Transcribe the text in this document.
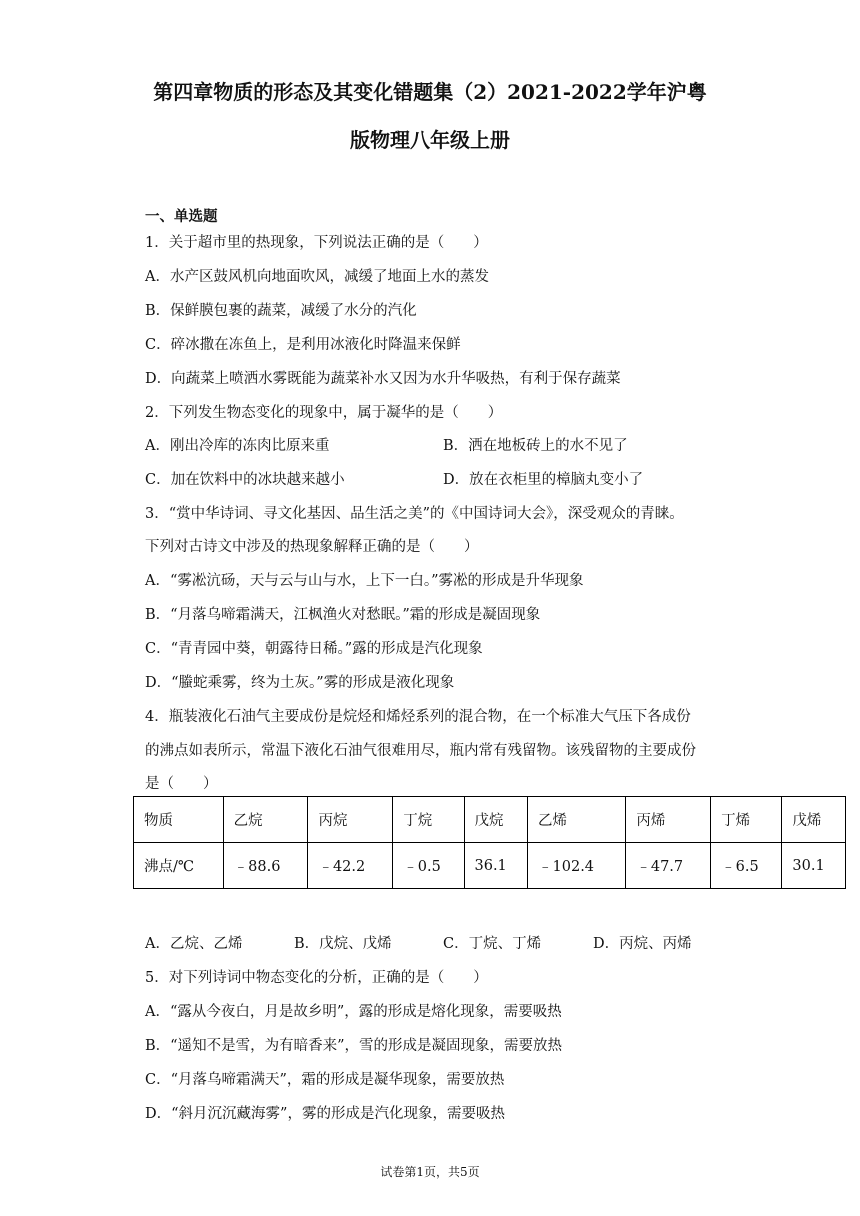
第四章物质的形态及其变化错题集（2）2021-2022学年沪粤
版物理八年级上册
一、单选题
1．关于超市里的热现象，下列说法正确的是（　　）
A．水产区鼓风机向地面吹风，减缓了地面上水的蒸发
B．保鲜膜包裹的蔬菜，减缓了水分的汽化
C．碎冰撒在冻鱼上，是利用冰液化时降温来保鲜
D．向蔬菜上喷洒水雾既能为蔬菜补水又因为水升华吸热，有利于保存蔬菜
2．下列发生物态变化的现象中，属于凝华的是（　　）
A．刚出冷库的冻肉比原来重	B．洒在地板砖上的水不见了
C．加在饮料中的冰块越来越小	D．放在衣柜里的樟脑丸变小了
3．“赏中华诗词、寻文化基因、品生活之美”的《中国诗词大会》，深受观众的青睐。
下列对古诗文中涉及的热现象解释正确的是（　　）
A．“雾凇沆砀，天与云与山与水，上下一白。”雾凇的形成是升华现象
B．“月落乌啼霜满天，江枫渔火对愁眠。”霜的形成是凝固现象
C．“青青园中葵，朝露待日稀。”露的形成是汽化现象
D．“螣蛇乘雾，终为土灰。”雾的形成是液化现象
4．瓶装液化石油气主要成份是烷烃和烯烃系列的混合物，在一个标准大气压下各成份
的沸点如表所示，常温下液化石油气很难用尽，瓶内常有残留物。该残留物的主要成份
是（　　）
物质	乙烷	丙烷	丁烷	戊烷	乙烯	丙烯	丁烯	戊烯
沸点/℃	﹣88.6	﹣42.2	﹣0.5	36.1	﹣102.4	﹣47.7	﹣6.5	30.1
A．乙烷、乙烯	B．戊烷、戊烯	C．丁烷、丁烯	D．丙烷、丙烯
5．对下列诗词中物态变化的分析，正确的是（　　）
A．“露从今夜白，月是故乡明”，露的形成是熔化现象，需要吸热
B．“遥知不是雪，为有暗香来”，雪的形成是凝固现象，需要放热
C．“月落乌啼霜满天”，霜的形成是凝华现象，需要放热
D．“斜月沉沉藏海雾”，雾的形成是汽化现象，需要吸热
试卷第1页，共5页
